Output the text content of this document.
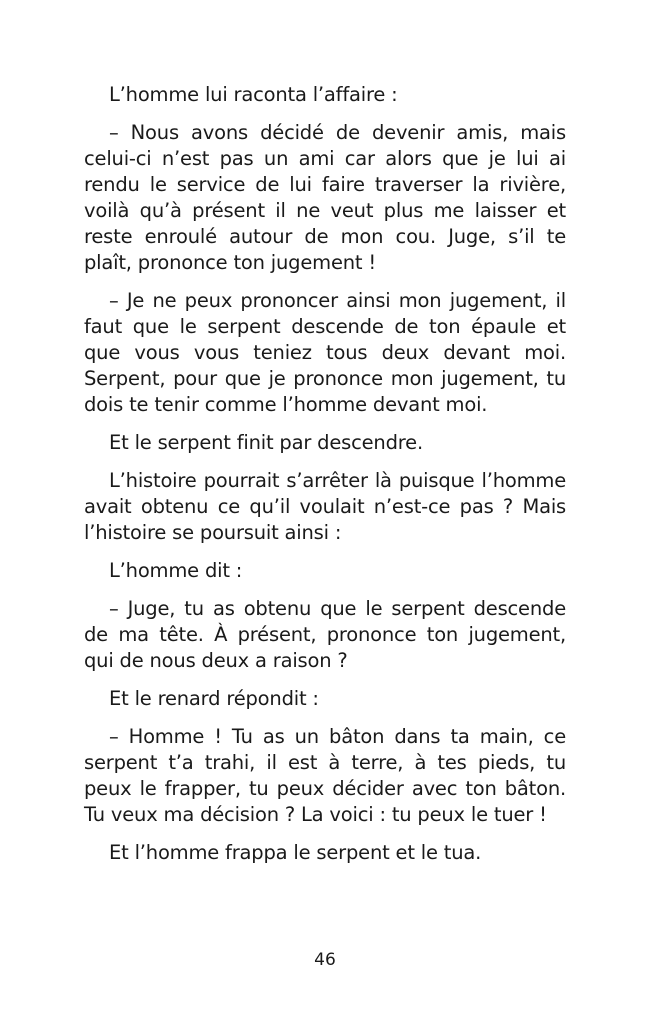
L’homme lui raconta l’affaire :

– Nous avons décidé de devenir amis, mais celui-ci n’est pas un ami car alors que je lui ai rendu le service de lui faire traverser la rivière, voilà qu’à présent il ne veut plus me laisser et reste enroulé autour de mon cou. Juge, s’il te plaît, prononce ton jugement !

– Je ne peux prononcer ainsi mon jugement, il faut que le serpent descende de ton épaule et que vous vous teniez tous deux devant moi. Serpent, pour que je prononce mon jugement, tu dois te tenir comme l’homme devant moi.

Et le serpent finit par descendre.

L’histoire pourrait s’arrêter là puisque l’homme avait obtenu ce qu’il voulait n’est-ce pas ? Mais l’histoire se poursuit ainsi :

L’homme dit :

– Juge, tu as obtenu que le serpent descende de ma tête. À présent, prononce ton jugement, qui de nous deux a raison ?

Et le renard répondit :

– Homme ! Tu as un bâton dans ta main, ce serpent t’a trahi, il est à terre, à tes pieds, tu peux le frapper, tu peux décider avec ton bâton. Tu veux ma décision ? La voici : tu peux le tuer !

Et l’homme frappa le serpent et le tua.

46
